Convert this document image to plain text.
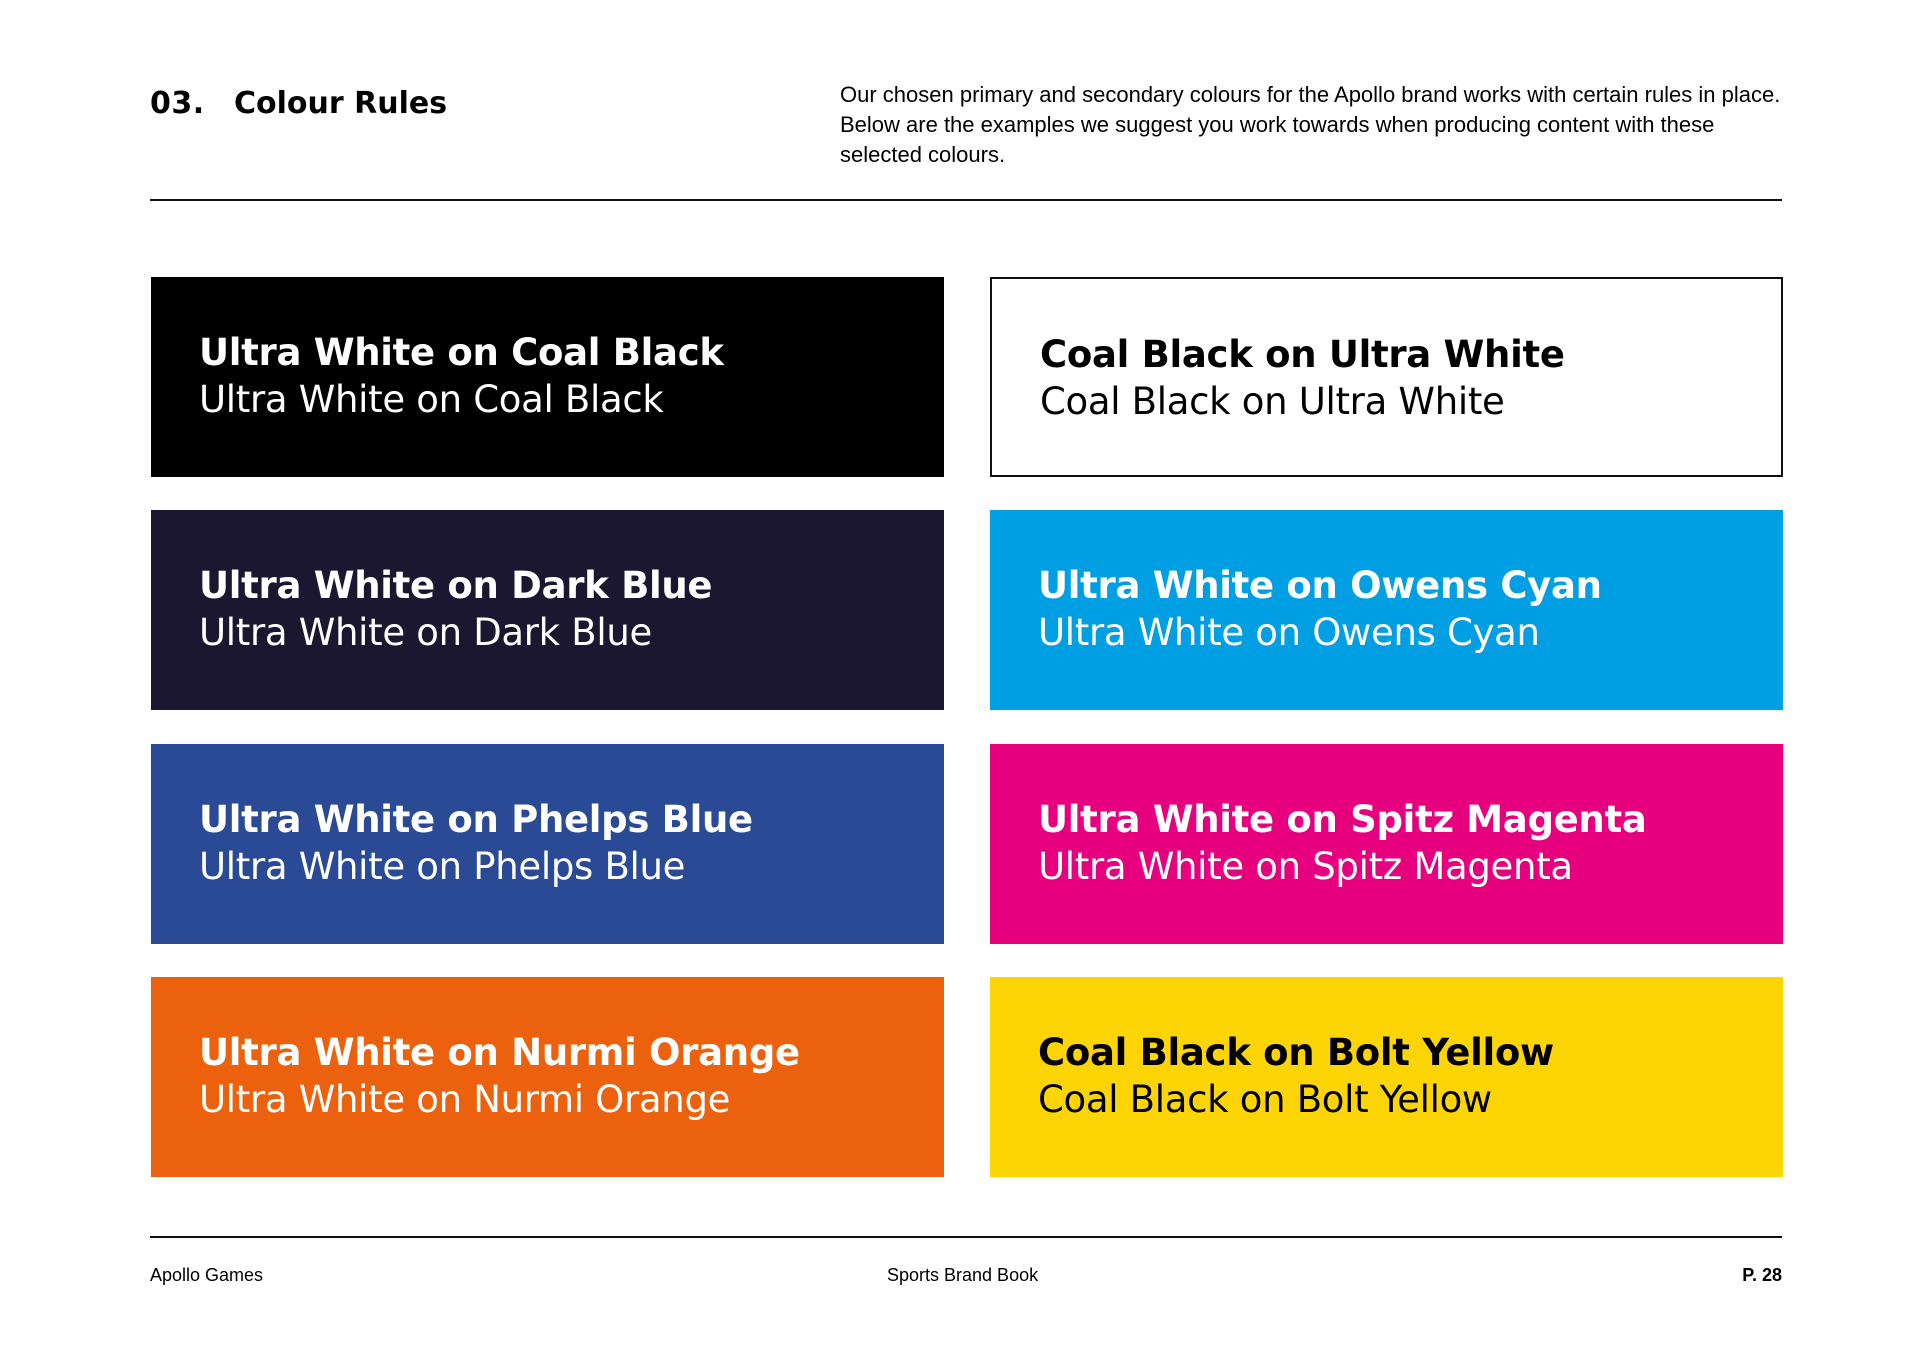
03. Colour Rules	Our chosen primary and secondary colours for the Apollo brand works with certain rules in place. Below are the examples we suggest you work towards when producing content with these selected colours.

Ultra White on Coal Black
Ultra White on Coal Black
Coal Black on Ultra White
Coal Black on Ultra White
Ultra White on Dark Blue
Ultra White on Dark Blue
Ultra White on Owens Cyan
Ultra White on Owens Cyan
Ultra White on Phelps Blue
Ultra White on Phelps Blue
Ultra White on Spitz Magenta
Ultra White on Spitz Magenta
Ultra White on Nurmi Orange
Ultra White on Nurmi Orange
Coal Black on Bolt Yellow
Coal Black on Bolt Yellow
Apollo Games	Sports Brand Book	P. 28
